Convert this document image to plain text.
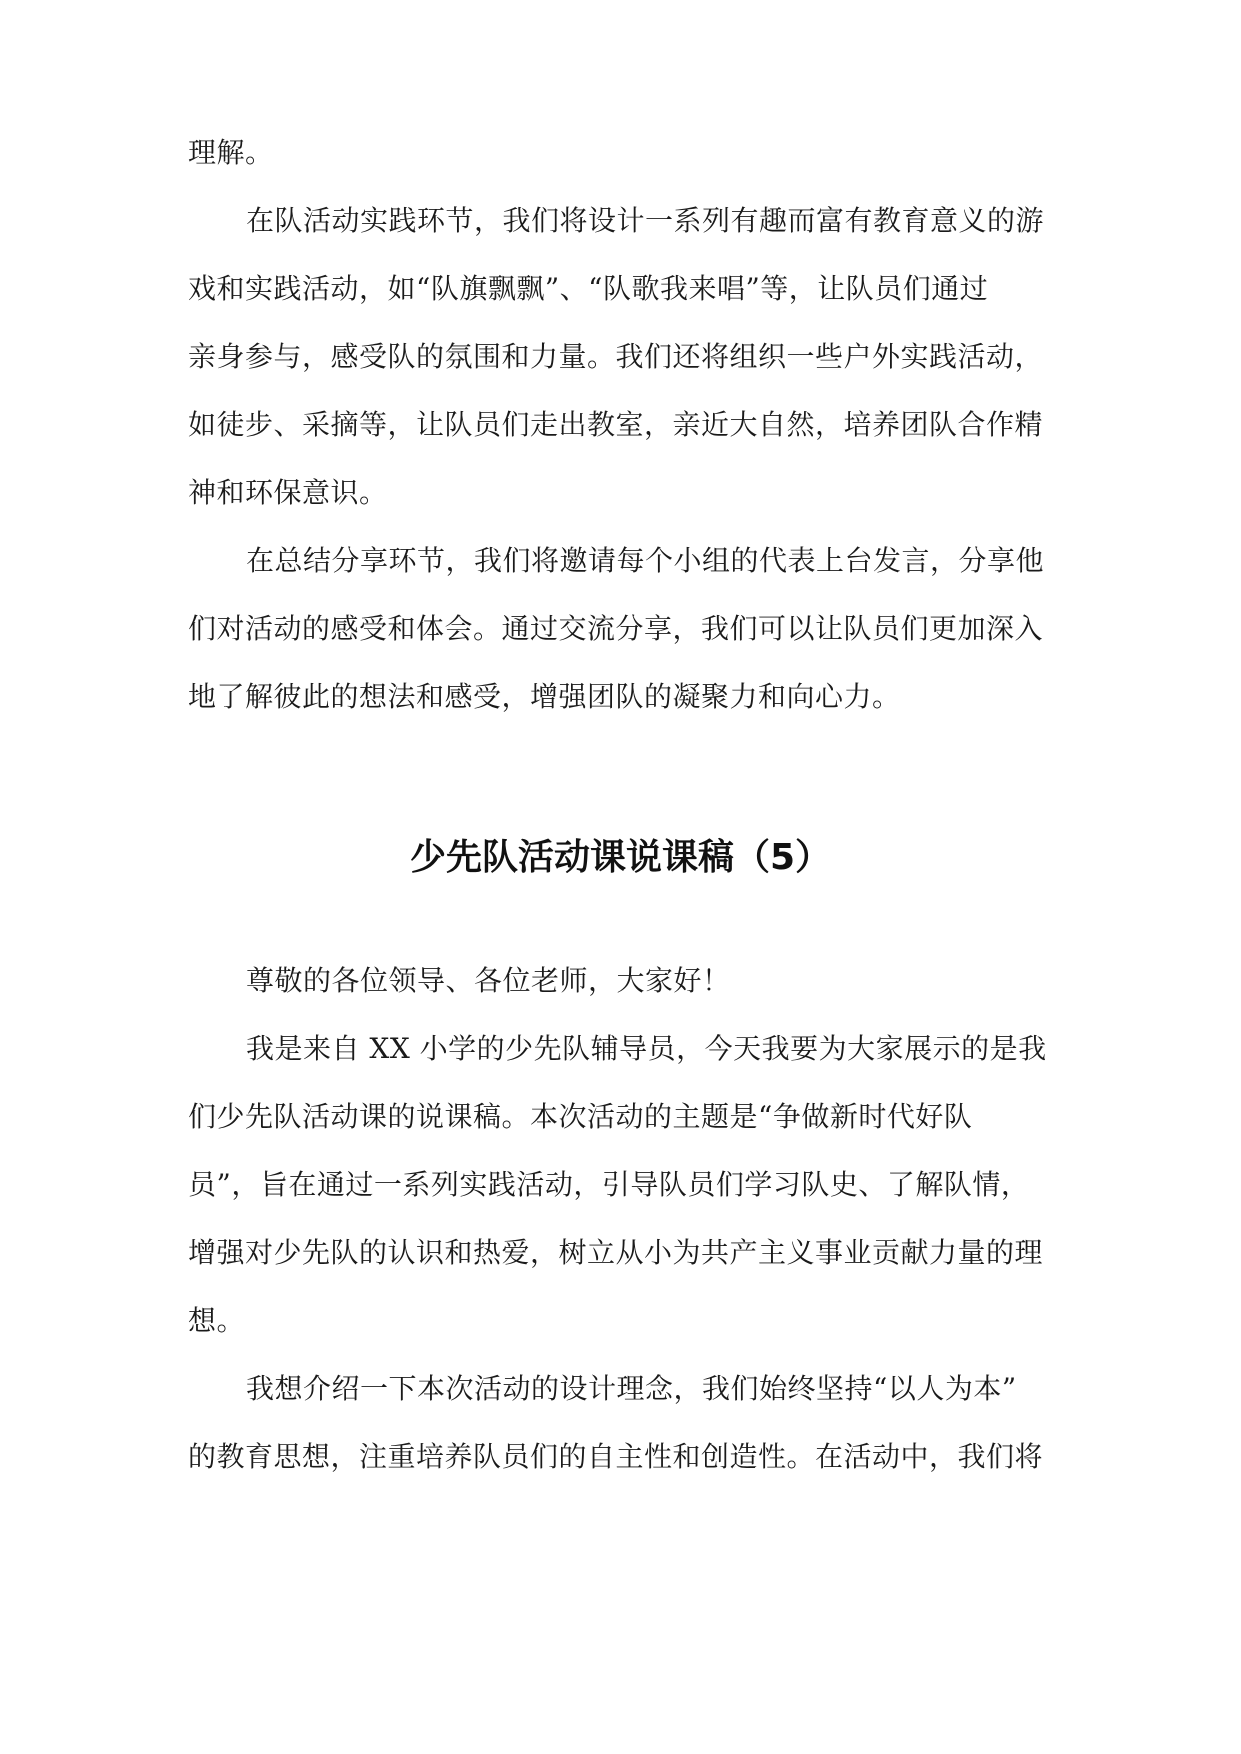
理解。
在队活动实践环节，我们将设计一系列有趣而富有教育意义的游
戏和实践活动，如“队旗飘飘”、“队歌我来唱”等，让队员们通过
亲身参与，感受队的氛围和力量。我们还将组织一些户外实践活动，
如徒步、采摘等，让队员们走出教室，亲近大自然，培养团队合作精
神和环保意识。
在总结分享环节，我们将邀请每个小组的代表上台发言，分享他
们对活动的感受和体会。通过交流分享，我们可以让队员们更加深入
地了解彼此的想法和感受，增强团队的凝聚力和向心力。
少先队活动课说课稿（5）
尊敬的各位领导、各位老师，大家好！
我是来自 XX 小学的少先队辅导员，今天我要为大家展示的是我
们少先队活动课的说课稿。本次活动的主题是“争做新时代好队
员”，旨在通过一系列实践活动，引导队员们学习队史、了解队情，
增强对少先队的认识和热爱，树立从小为共产主义事业贡献力量的理
想。
我想介绍一下本次活动的设计理念，我们始终坚持“以人为本”
的教育思想，注重培养队员们的自主性和创造性。在活动中，我们将
